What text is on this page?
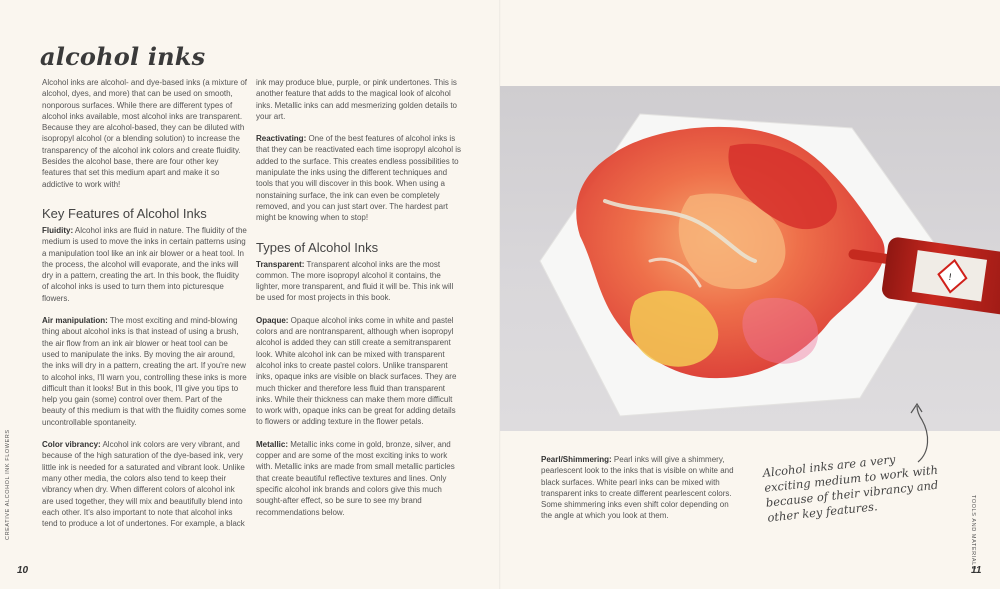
alcohol inks

Alcohol inks are alcohol- and dye-based inks (a mixture of alcohol, dyes, and more) that can be used on smooth, nonporous surfaces. While there are different types of alcohol inks available, most alcohol inks are transparent. Because they are alcohol-based, they can be diluted with isopropyl alcohol (or a blending solution) to increase the transparency of the alcohol ink colors and create fluidity. Besides the alcohol base, there are four other key features that set this medium apart and make it so addictive to work with!

Key Features of Alcohol Inks

Fluidity: Alcohol inks are fluid in nature. The fluidity of the medium is used to move the inks in certain patterns using a manipulation tool like an ink air blower or a heat tool. In the process, the alcohol will evaporate, and the inks will dry in a pattern, creating the art. In this book, the fluidity of alcohol inks is used to turn them into picturesque flowers.

Air manipulation: The most exciting and mind-blowing thing about alcohol inks is that instead of using a brush, the air flow from an ink air blower or heat tool can be used to manipulate the inks. By moving the air around, the inks will dry in a pattern, creating the art. If you're new to alcohol inks, I'll warn you, controlling these inks is more difficult than it looks! But in this book, I'll give you tips to help you gain (some) control over them. Part of the beauty of this medium is that with the fluidity comes some uncontrollable spontaneity.

Color vibrancy: Alcohol ink colors are very vibrant, and because of the high saturation of the dye-based ink, very little ink is needed for a saturated and vibrant look. Unlike many other media, the colors also tend to keep their vibrancy when dry. When different colors of alcohol ink are used together, they will mix and beautifully blend into each other. It's also important to note that alcohol inks tend to produce a lot of undertones. For example, a black

ink may produce blue, purple, or pink undertones. This is another feature that adds to the magical look of alcohol inks. Metallic inks can add mesmerizing golden details to your art.

Reactivating: One of the best features of alcohol inks is that they can be reactivated each time isopropyl alcohol is added to the surface. This creates endless possibilities to manipulate the inks using the different techniques and tools that you will discover in this book. When using a nonstaining surface, the ink can even be completely removed, and you can just start over. The hardest part might be knowing when to stop!

Types of Alcohol Inks

Transparent: Transparent alcohol inks are the most common. The more isopropyl alcohol it contains, the lighter, more transparent, and fluid it will be. This ink will be used for most projects in this book.

Opaque: Opaque alcohol inks come in white and pastel colors and are nontransparent, although when isopropyl alcohol is added they can still create a semitransparent look. White alcohol ink can be mixed with transparent alcohol inks to create pastel colors. Unlike transparent inks, opaque inks are visible on black surfaces. They are much thicker and therefore less fluid than transparent inks. While their thickness can make them more difficult to work with, opaque inks can be great for adding details to flowers or adding texture in the flower petals.

Metallic: Metallic inks come in gold, bronze, silver, and copper and are some of the most exciting inks to work with. Metallic inks are made from small metallic particles that create beautiful reflective textures and lines. Only specific alcohol ink brands and colors give this much sought-after effect, so be sure to see my brand recommendations below.

!

Pearl/Shimmering: Pearl inks will give a shimmery, pearlescent look to the inks that is visible on white and black surfaces. White pearl inks can be mixed with transparent inks to create different pearlescent colors. Some shimmering inks even shift color depending on the angle at which you look at them.

Alcohol inks are a very exciting medium to work with because of their vibrancy and other key features.
CREATIVE ALCOHOL INK FLOWERS	TOOLS AND MATERIALS
10	11
